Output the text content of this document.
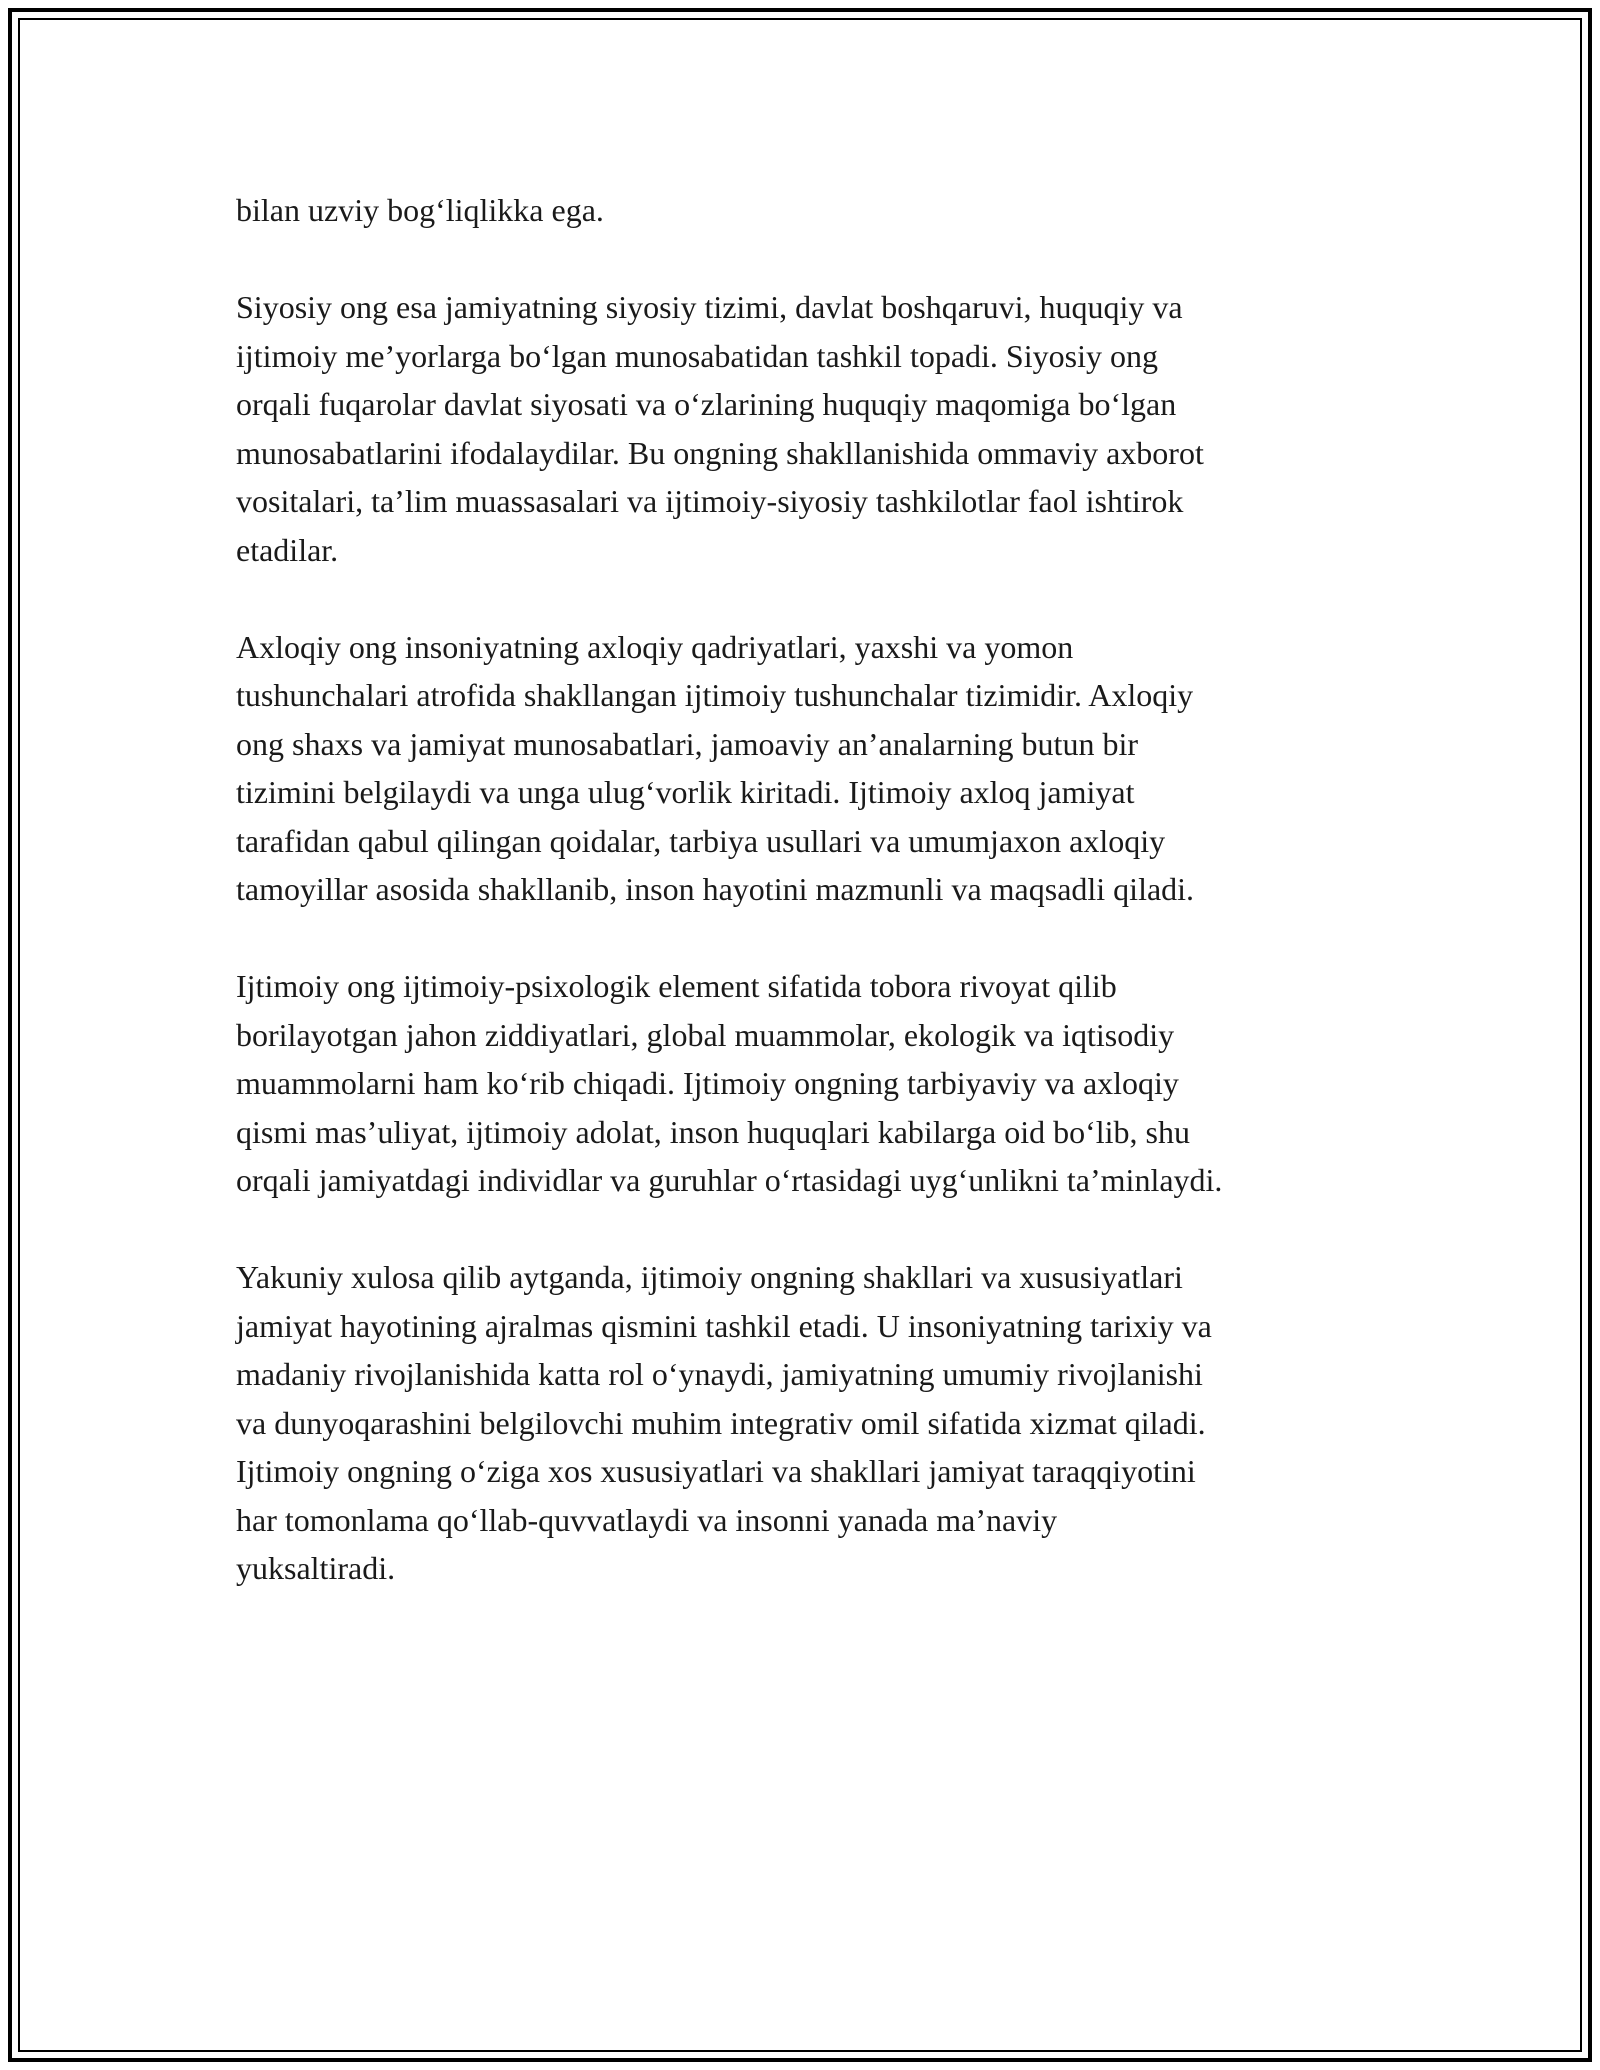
bilan uzviy bog‘liqlikka ega.

Siyosiy ong esa jamiyatning siyosiy tizimi, davlat boshqaruvi, huquqiy va
ijtimoiy me’yorlarga bo‘lgan munosabatidan tashkil topadi. Siyosiy ong
orqali fuqarolar davlat siyosati va o‘zlarining huquqiy maqomiga bo‘lgan
munosabatlarini ifodalaydilar. Bu ongning shakllanishida ommaviy axborot
vositalari, ta’lim muassasalari va ijtimoiy-siyosiy tashkilotlar faol ishtirok
etadilar.

Axloqiy ong insoniyatning axloqiy qadriyatlari, yaxshi va yomon
tushunchalari atrofida shakllangan ijtimoiy tushunchalar tizimidir. Axloqiy
ong shaxs va jamiyat munosabatlari, jamoaviy an’analarning butun bir
tizimini belgilaydi va unga ulug‘vorlik kiritadi. Ijtimoiy axloq jamiyat
tarafidan qabul qilingan qoidalar, tarbiya usullari va umumjaxon axloqiy
tamoyillar asosida shakllanib, inson hayotini mazmunli va maqsadli qiladi.

Ijtimoiy ong ijtimoiy-psixologik element sifatida tobora rivoyat qilib
borilayotgan jahon ziddiyatlari, global muammolar, ekologik va iqtisodiy
muammolarni ham ko‘rib chiqadi. Ijtimoiy ongning tarbiyaviy va axloqiy
qismi mas’uliyat, ijtimoiy adolat, inson huquqlari kabilarga oid bo‘lib, shu
orqali jamiyatdagi individlar va guruhlar o‘rtasidagi uyg‘unlikni ta’minlaydi.

Yakuniy xulosa qilib aytganda, ijtimoiy ongning shakllari va xususiyatlari
jamiyat hayotining ajralmas qismini tashkil etadi. U insoniyatning tarixiy va
madaniy rivojlanishida katta rol o‘ynaydi, jamiyatning umumiy rivojlanishi
va dunyoqarashini belgilovchi muhim integrativ omil sifatida xizmat qiladi.
Ijtimoiy ongning o‘ziga xos xususiyatlari va shakllari jamiyat taraqqiyotini
har tomonlama qo‘llab-quvvatlaydi va insonni yanada ma’naviy
yuksaltiradi.
